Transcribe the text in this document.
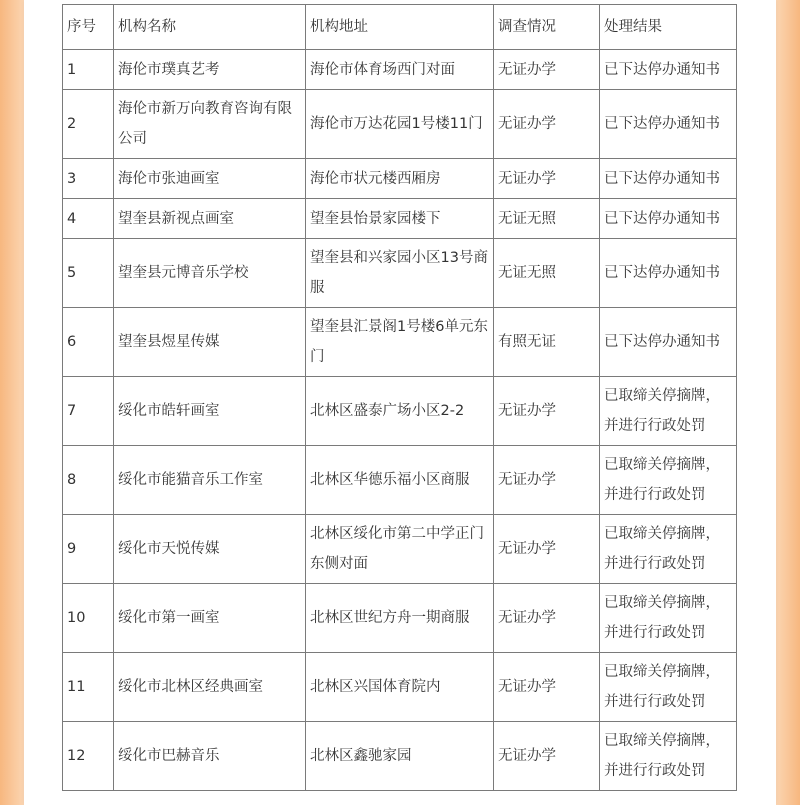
序号	机构名称	机构地址	调查情况	处理结果
1	海伦市璞真艺考	海伦市体育场西门对面	无证办学	已下达停办通知书
2	海伦市新万向教育咨询有限公司	海伦市万达花园1号楼11门	无证办学	已下达停办通知书
3	海伦市张迪画室	海伦市状元楼西厢房	无证办学	已下达停办通知书
4	望奎县新视点画室	望奎县怡景家园楼下	无证无照	已下达停办通知书
5	望奎县元博音乐学校	望奎县和兴家园小区13号商服	无证无照	已下达停办通知书
6	望奎县煜星传媒	望奎县汇景阁1号楼6单元东门	有照无证	已下达停办通知书
7	绥化市皓轩画室	北林区盛泰广场小区2-2	无证办学	已取缔关停摘牌，并进行行政处罚
8	绥化市能猫音乐工作室	北林区华德乐福小区商服	无证办学	已取缔关停摘牌，并进行行政处罚
9	绥化市天悦传媒	北林区绥化市第二中学正门东侧对面	无证办学	已取缔关停摘牌，并进行行政处罚
10	绥化市第一画室	北林区世纪方舟一期商服	无证办学	已取缔关停摘牌，并进行行政处罚
11	绥化市北林区经典画室	北林区兴国体育院内	无证办学	已取缔关停摘牌，并进行行政处罚
12	绥化市巴赫音乐	北林区鑫驰家园	无证办学	已取缔关停摘牌，并进行行政处罚
